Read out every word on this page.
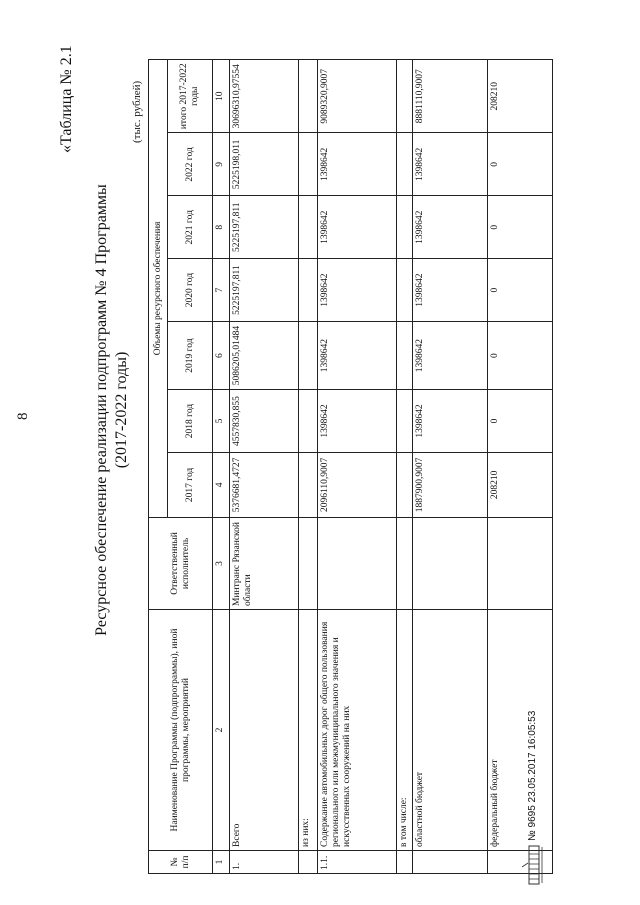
8
«Таблица № 2.1
Ресурсное обеспечение реализации подпрограмм № 4 Программы (2017-2022 годы)
(тыс. рублей)
№ п/п	Наименование Программы (подпрограммы), иной программы, мероприятий	Ответственный исполнитель	Объемы ресурсного обеспечения						
			2017 год	2018 год	2019 год	2020 год	2021 год	2022 год	итого 2017-2022 годы
1	2	3	4	5	6	7	8	9	10
1.	Всего	Минтранс Рязанской области	5376681,4727	4557830,855	5086205,01484	5225197,811	5225197,811	5225198,011	30696310,97554
	из них:								
1.1.	Содержание автомобильных дорог общего пользования регионального или межмуниципального значения и искусственных сооружений на них		2096110,9007	1398642	1398642	1398642	1398642	1398642	9089320,9007
	в том числе:								
	областной бюджет		1887900,9007	1398642	1398642	1398642	1398642	1398642	8881110,9007
	федеральный бюджет		208210	0	0	0	0	0	208210
№ 9695 23.05.2017 16:05:53
